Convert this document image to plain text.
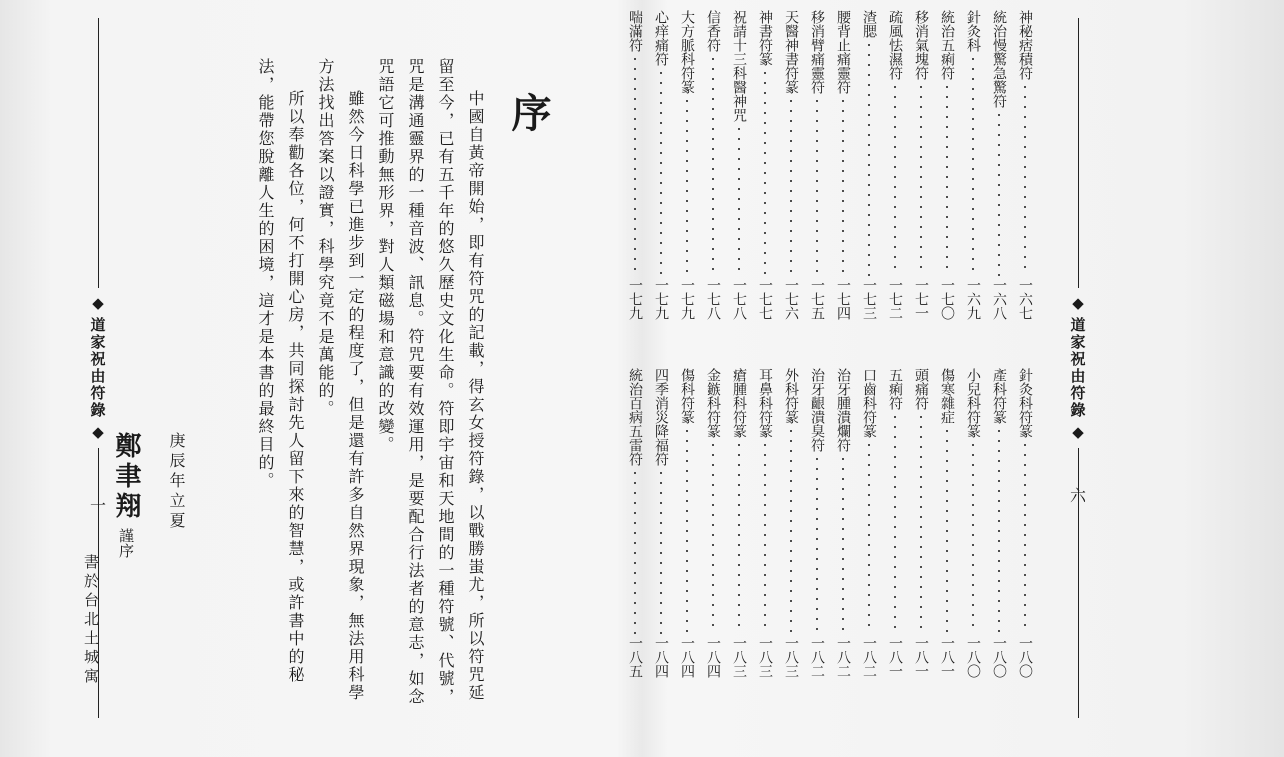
◆
道家祝由符錄
◆
一
序

中國自黃帝開始，即有符咒的記載，得玄女授符錄，以戰勝蚩尤，所以符咒延留至今，已有五千年的悠久歷史文化生命。符即宇宙和天地間的一種符號、代號，咒是溝通靈界的一種音波、訊息。符咒要有效運用，是要配合行法者的意志，如念咒語它可推動無形界，對人類磁場和意識的改變。

雖然今日科學已進步到一定的程度了，但是還有許多自然界現象，無法用科學方法找出答案以證實，科學究竟不是萬能的。

所以奉勸各位，何不打開心房，共同探討先人留下來的智慧，或許書中的秘法，能帶您脫離人生的困境，這才是本書的最終目的。

庚辰年立夏
鄭聿翔
謹序
書於台北土城寓
◆
道家祝由符錄
◆
六
神秘痞積符
一六七
統治慢驚急驚符
一六八
針灸科
一六九
統治五痢符
一七〇
移消氣塊符
一七一
疏風怯濕符
一七二
渣腮
一七三
腰背止痛靈符
一七四
移消臂痛靈符
一七五
天醫神書符篆
一七六
神書符篆
一七七
祝請十三科醫神咒
一七八
信香符
一七八
大方脈科符篆
一七九
心痒痛符
一七九
喘滿符
一七九
針灸科符篆
一八〇
產科符篆
一八〇
小兒科符篆
一八〇
傷寒雜症
一八一
頭痛符
一八一
五痢符
一八一
口齒科符篆
一八二
治牙腫潰爛符
一八二
治牙齦潰臭符
一八二
外科符篆
一八三
耳鼻科符篆
一八三
瘡腫科符篆
一八三
金鏃科符篆
一八四
傷科符篆
一八四
四季消災降福符
一八四
統治百病五雷符
一八五
